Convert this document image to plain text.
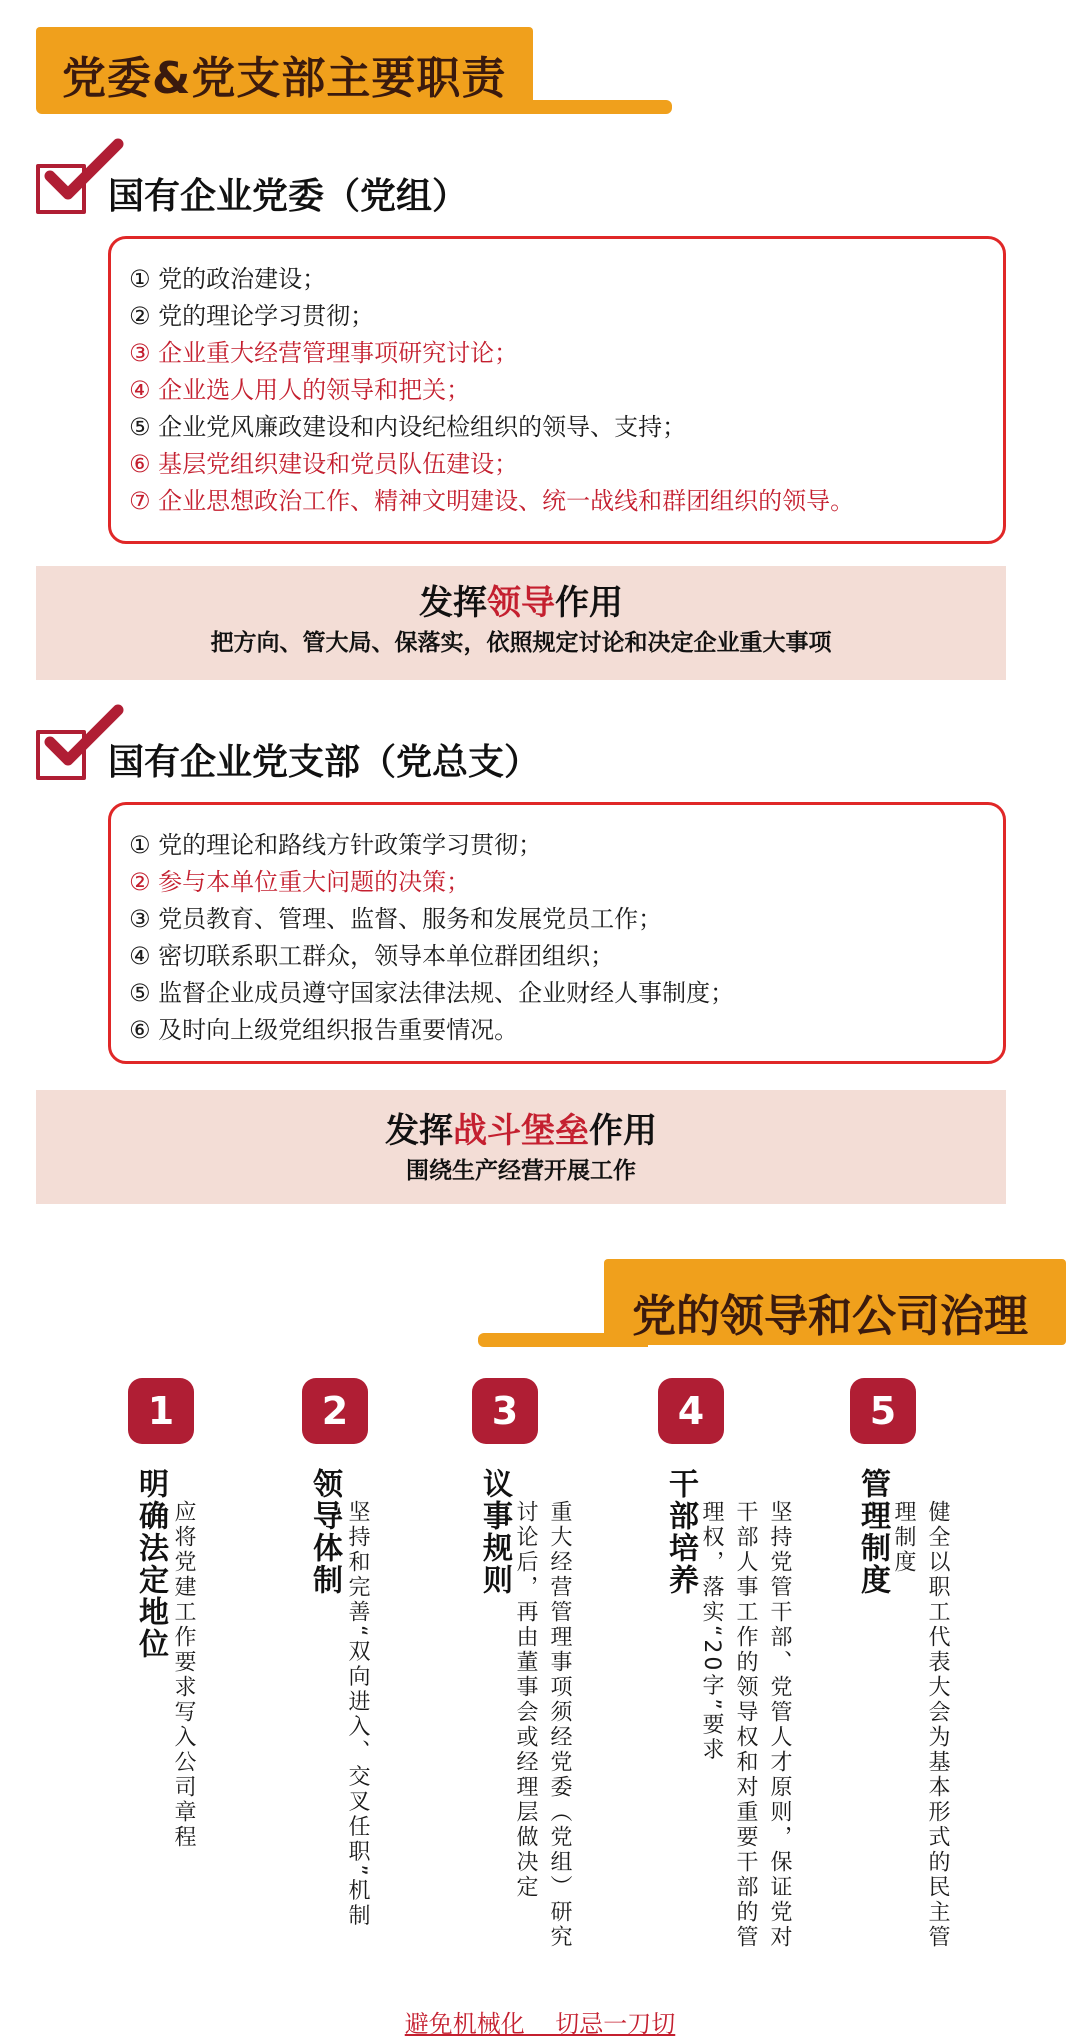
党委&党支部主要职责
国有企业党委（党组）
① 党的政治建设；
② 党的理论学习贯彻；
③ 企业重大经营管理事项研究讨论；
④ 企业选人用人的领导和把关；
⑤ 企业党风廉政建设和内设纪检组织的领导、支持；
⑥ 基层党组织建设和党员队伍建设；
⑦ 企业思想政治工作、精神文明建设、统一战线和群团组织的领导。
发挥领导作用
把方向、管大局、保落实，依照规定讨论和决定企业重大事项
国有企业党支部（党总支）
① 党的理论和路线方针政策学习贯彻；
② 参与本单位重大问题的决策；
③ 党员教育、管理、监督、服务和发展党员工作；
④ 密切联系职工群众，领导本单位群团组织；
⑤ 监督企业成员遵守国家法律法规、企业财经人事制度；
⑥ 及时向上级党组织报告重要情况。
发挥战斗堡垒作用
围绕生产经营开展工作
党的领导和公司治理
1
明确法定地位 应将党建工作要求写入公司章程
2
领导体制 坚持和完善“双向进入、交叉任职”机制
3
议事规则 重大经营管理事项须经党委（党组）研究
讨论后，再由董事会或经理层做决定
4
干部培养	坚持党管干部、党管人才原则，保证党对
干部人事工作的领导权和对重要干部的管
理权，落实“20字”要求
5
管理制度 健全以职工代表大会为基本形式的民主管
理制度
避免机械化    切忌一刀切
